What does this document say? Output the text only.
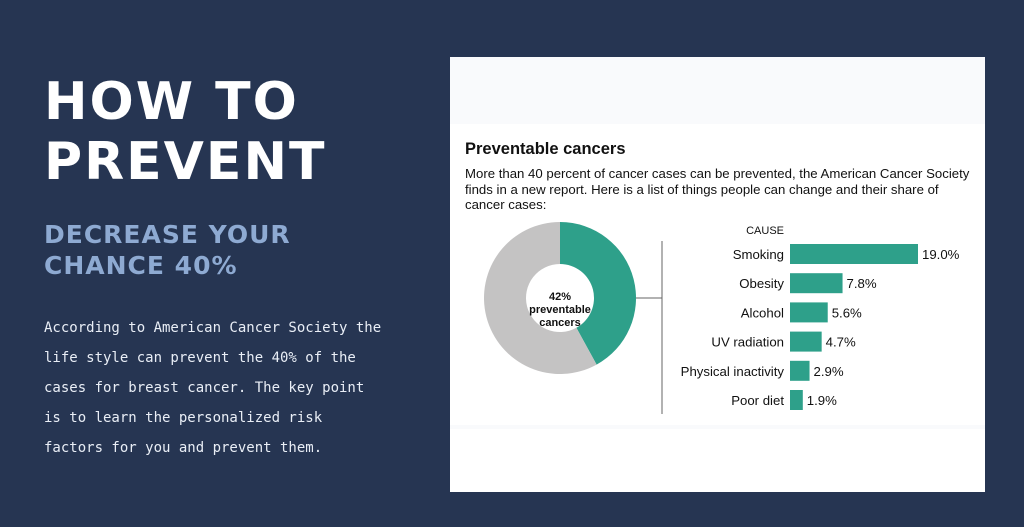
HOW TO
PREVENT
DECREASE YOUR
CHANCE 40%

According to American Cancer Society the life style can prevent the 40% of the cases for breast cancer. The key point is to learn the personalized risk factors for you and prevent them.

Preventable cancers

More than 40 percent of cancer cases can be prevented, the American Cancer Society finds in a new report. Here is a list of things people can change and their share of cancer cases:

42%
preventable
cancers
CAUSE
Smoking	19.0%
Obesity	7.8%
Alcohol	5.6%
UV radiation	4.7%
Physical inactivity 2.9%
Poor diet 1.9%
